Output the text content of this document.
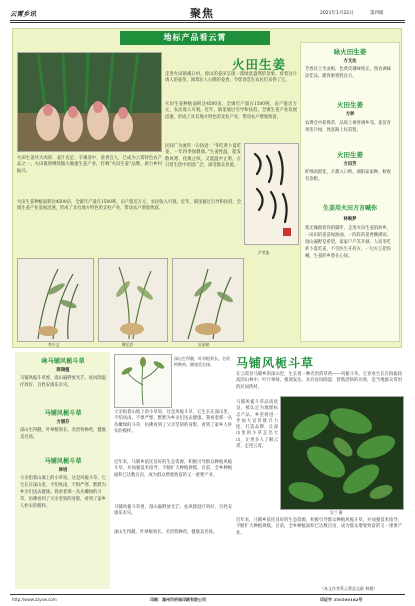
云霄乡讯	聚焦	2021年1月22日	第四版
地标产品看云霄
火田生姜
走进火田镇溪口村，漫山的姜田呈现一派绿意盎然的景象。看着这片诱人的姜苗，闻着沁人心脾的姜香，令您眷恋在农民们采得了它。
火田生姜种植面积达4500亩，全镇年产量在1500吨，亩产值近万元，农民收入可观。近年，镇里通过引导和扶持，全镇生姜产业发展迅速，形成了具有地方特色的支柱产业，带动农户增收致富。
民间广为流传一句俗语：“冬吃萝卜夏吃姜，一年四季保健康。”生姜性温，能发散风寒、化痰止咳，又能温中止呕，在日常生活中用途广泛，深受群众喜爱。
火田生姜块大肉厚、姜汁充足、辛辣适中、清香宜人，已成为云霄特色农产品之一。火田镇将继续做大做强生姜产业，打响“火田生姜”品牌，助力乡村振兴。
火田生姜种植面积达4500亩，全镇年产量在1500吨，亩产值近万元，农民收入可观。近年，镇里通过引导和扶持，全镇生姜产业发展迅速，形成了具有地方特色的支柱产业，带动农户增收致富。
芦苇流
李少文	柳艺存	吴承柏
咏火田生姜
方文达
芳香沃土孕灵根，色黄皮薄味纯正。熟食调味添佳品，暖胃驱寒胜良方。
火田生姜
方林
农博会中获殊荣，品质上乘誉满乡邻。姜苗青翠连片绿，致富路上好前程。
火田生姜
方田芳
纤细高挺花，辛甜入口鲜。端阳家家种，秋收有余粮。
生姜用火田方言喊你
林映梦
我无缘跟着你的脚步，走进火田生姜的故乡，一田田的姜苗绿油油，一阵阵的姜香飘满田。漫山遍野是希望，家家户户笑开颜。人说冬吃萝卜夏吃姜，不劳医生开药方。一句方言把你喊，生姜的乡愁在心间。
咏马铺风栀斗草
陈瑞植
马铺风栀斗草香，漫山遍野放光芒。祛风除湿疗效好，百姓安康乐未央。
马铺风栀斗草
方丽芬
深山生得靓，叶翠根须长。名贵特种药，健康美名扬。
马铺风栀斗草
林培
父亲指着山坡上的小草说，这是风栀斗草，它生长在深山里，不怕风雨，不惧严寒，默默为乡亲们送去健康。我看着那一丛丛嫩绿的斗草，仿佛看到了父亲坚韧的身影，看到了家乡人朴实的模样。
深山生得靓，叶翠根须长。名贵特种药，健康美名扬。
父亲指着山坡上的小草说，这是风栀斗草，它生长在深山里，不怕风雨，不惧严寒，默默为乡亲们送去健康。我看着那一丛丛嫩绿的斗草，仿佛看到了父亲坚韧的身影，看到了家乡人朴实的模样。
近年来，马铺乡依托良好的生态资源，积极引导群众种植风栀斗草，并加强技术指导，不断扩大种植规模。目前，全乡种植面积已达数百亩，成为群众增收致富的又一重要产业。
马铺风栀斗草香，漫山遍野放光芒。祛风除湿疗效好，百姓安康乐未央。
深山生得靓，叶翠根须长。名贵特种药，健康美名扬。
马铺风栀斗草
在云霄县马铺乡的深山里，生长着一种名贵的草药——风栀斗草。它喜欢生长在海拔较高的山林中，叶片翠绿，根须发达，具有祛风除湿、舒筋活络的功效，是当地群众常用的民间药材。
吴兰 摄
马铺风栀斗草品质优良，被认定为地理标志产品。乡里将进一步加大宣传推介力度，打造品牌，让深山里的小草走出大山，让更多人了解云霄、走进云霄。
近年来，马铺乡依托良好的生态资源，积极引导群众种植风栀斗草，并加强技术指导，不断扩大种植规模。目前，全乡种植面积已达数百亩，成为群众增收致富的又一重要产业。
（本文作者系云霄县文联 林德）
http://www.zzyxw.com	印刷：漳州市侨南印刷有限公司	印证字 356500182号
